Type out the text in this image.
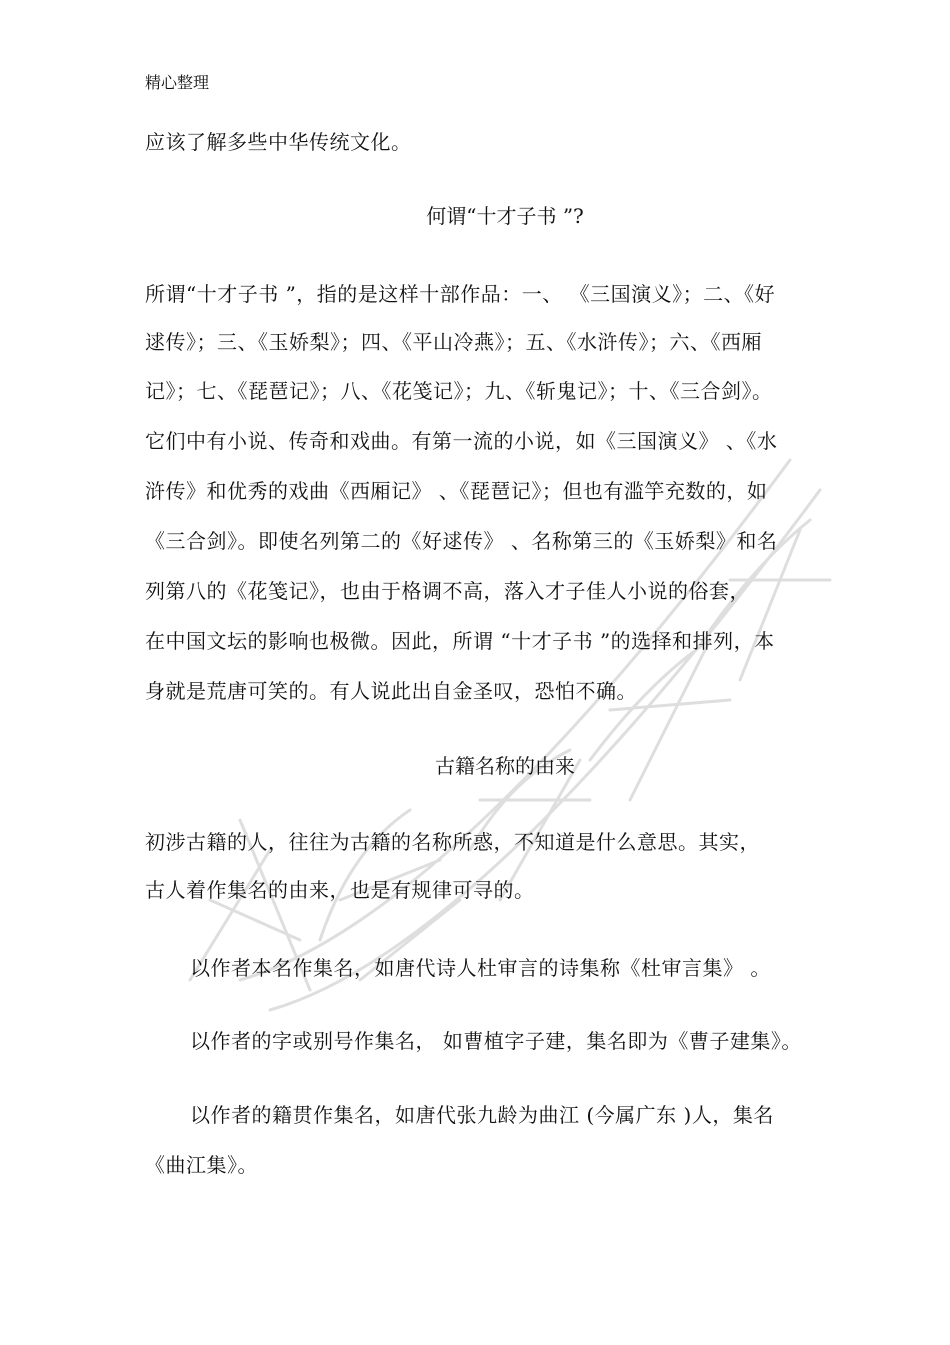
精心整理
应该了解多些中华传统文化。
何谓“十才子书 ”?
所谓“十才子书 ”，指的是这样十部作品：一、 《三国演义》；二、《好
逑传》；三、《玉娇梨》；四、《平山冷燕》；五、《水浒传》；六、《西厢
记》；七、《琵琶记》；八、《花笺记》；九、《斩鬼记》；十、《三合剑》。
它们中有小说、传奇和戏曲。有第一流的小说，如《三国演义》 、《水
浒传》和优秀的戏曲《西厢记》 、《琵琶记》；但也有滥竽充数的，如
《三合剑》。即使名列第二的《好逑传》 、名称第三的《玉娇梨》和名
列第八的《花笺记》，也由于格调不高，落入才子佳人小说的俗套，
在中国文坛的影响也极微。因此，所谓 “十才子书 ”的选择和排列，本
身就是荒唐可笑的。有人说此出自金圣叹，恐怕不确。
古籍名称的由来
初涉古籍的人，往往为古籍的名称所惑，不知道是什么意思。其实，
古人着作集名的由来，也是有规律可寻的。
以作者本名作集名，如唐代诗人杜审言的诗集称《杜审言集》 。
以作者的字或别号作集名， 如曹植字子建，集名即为《曹子建集》。
以作者的籍贯作集名，如唐代张九龄为曲江 (今属广东 )人，集名
《曲江集》。
